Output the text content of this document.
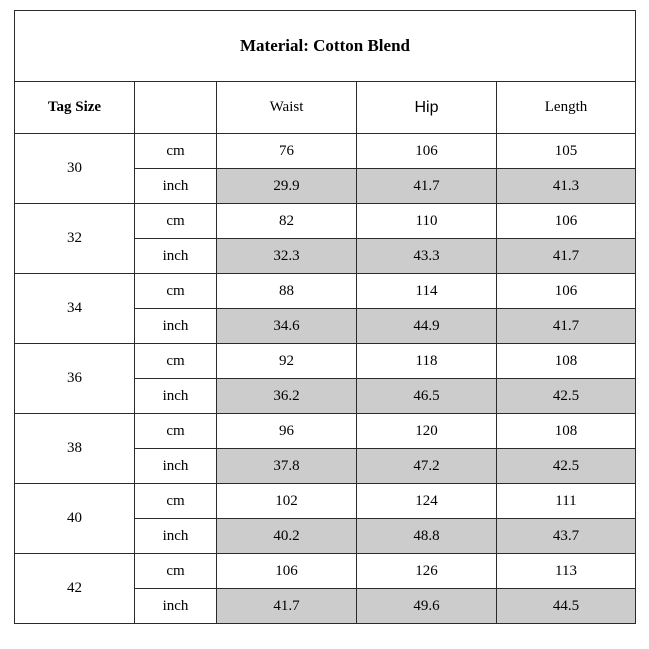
Material: Cotton Blend				
Tag Size		Waist	Hip	Length
30	cm	76	106	105
	inch	29.9	41.7	41.3
32	cm	82	110	106
	inch	32.3	43.3	41.7
34	cm	88	114	106
	inch	34.6	44.9	41.7
36	cm	92	118	108
	inch	36.2	46.5	42.5
38	cm	96	120	108
	inch	37.8	47.2	42.5
40	cm	102	124	111
	inch	40.2	48.8	43.7
42	cm	106	126	113
	inch	41.7	49.6	44.5
